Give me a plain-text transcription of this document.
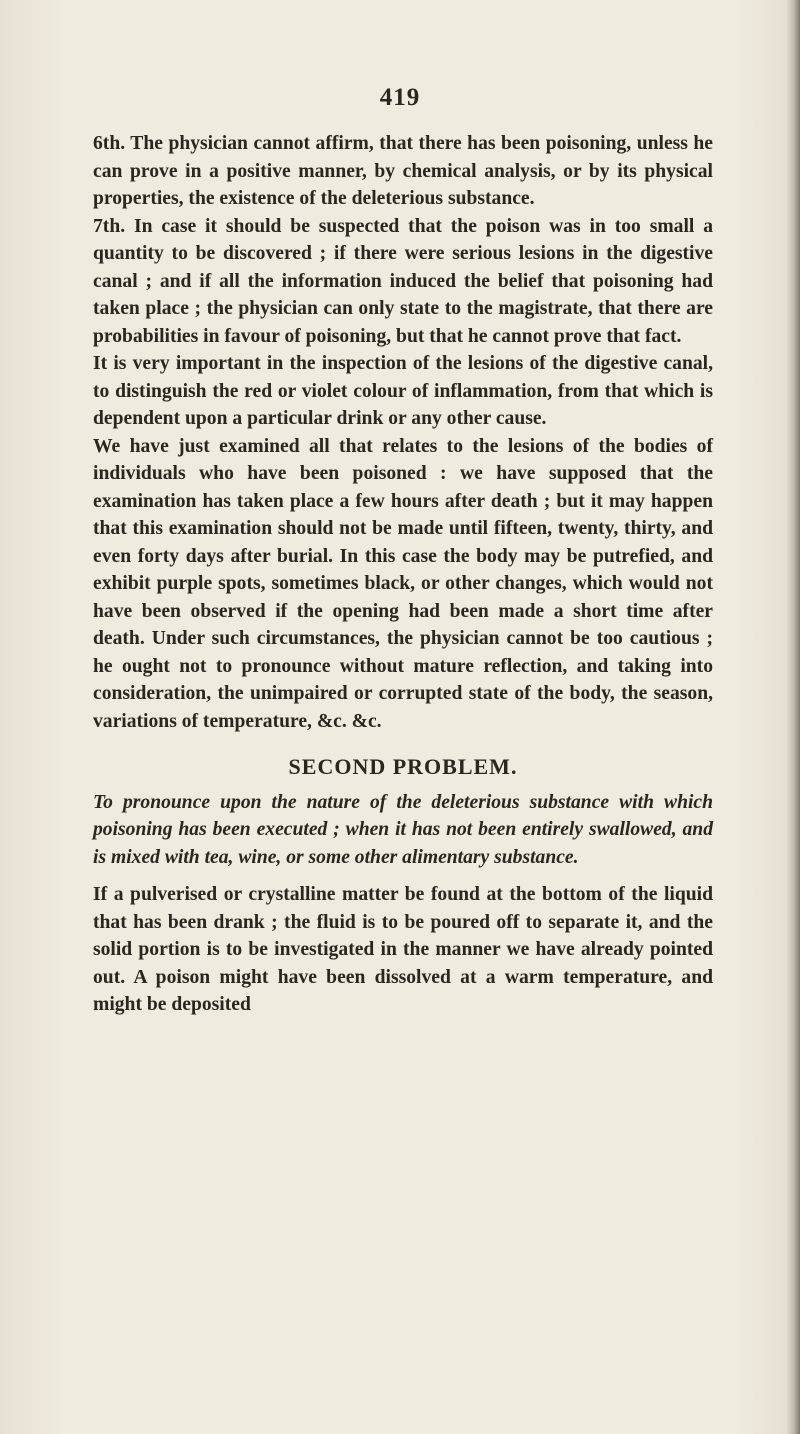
419

6th. The physician cannot affirm, that there has been poisoning, unless he can prove in a positive manner, by chemical analysis, or by its physical properties, the existence of the deleterious substance.

7th. In case it should be suspected that the poison was in too small a quantity to be discovered ; if there were serious lesions in the digestive canal ; and if all the information induced the belief that poisoning had taken place ; the physician can only state to the magistrate, that there are probabilities in favour of poisoning, but that he cannot prove that fact.

It is very important in the inspection of the lesions of the digestive canal, to distinguish the red or violet colour of inflammation, from that which is dependent upon a particular drink or any other cause.

We have just examined all that relates to the lesions of the bodies of individuals who have been poisoned : we have supposed that the examination has taken place a few hours after death ; but it may happen that this examination should not be made until fifteen, twenty, thirty, and even forty days after burial. In this case the body may be putrefied, and exhibit purple spots, sometimes black, or other changes, which would not have been observed if the opening had been made a short time after death. Under such circumstances, the physician cannot be too cautious ; he ought not to pronounce without mature reflection, and taking into consideration, the unimpaired or corrupted state of the body, the season, variations of temperature, &c. &c.

SECOND PROBLEM.

To pronounce upon the nature of the deleterious substance with which poisoning has been executed ; when it has not been entirely swallowed, and is mixed with tea, wine, or some other alimentary substance.

If a pulverised or crystalline matter be found at the bottom of the liquid that has been drank ; the fluid is to be poured off to separate it, and the solid portion is to be investigated in the manner we have already pointed out. A poison might have been dissolved at a warm temperature, and might be deposited
